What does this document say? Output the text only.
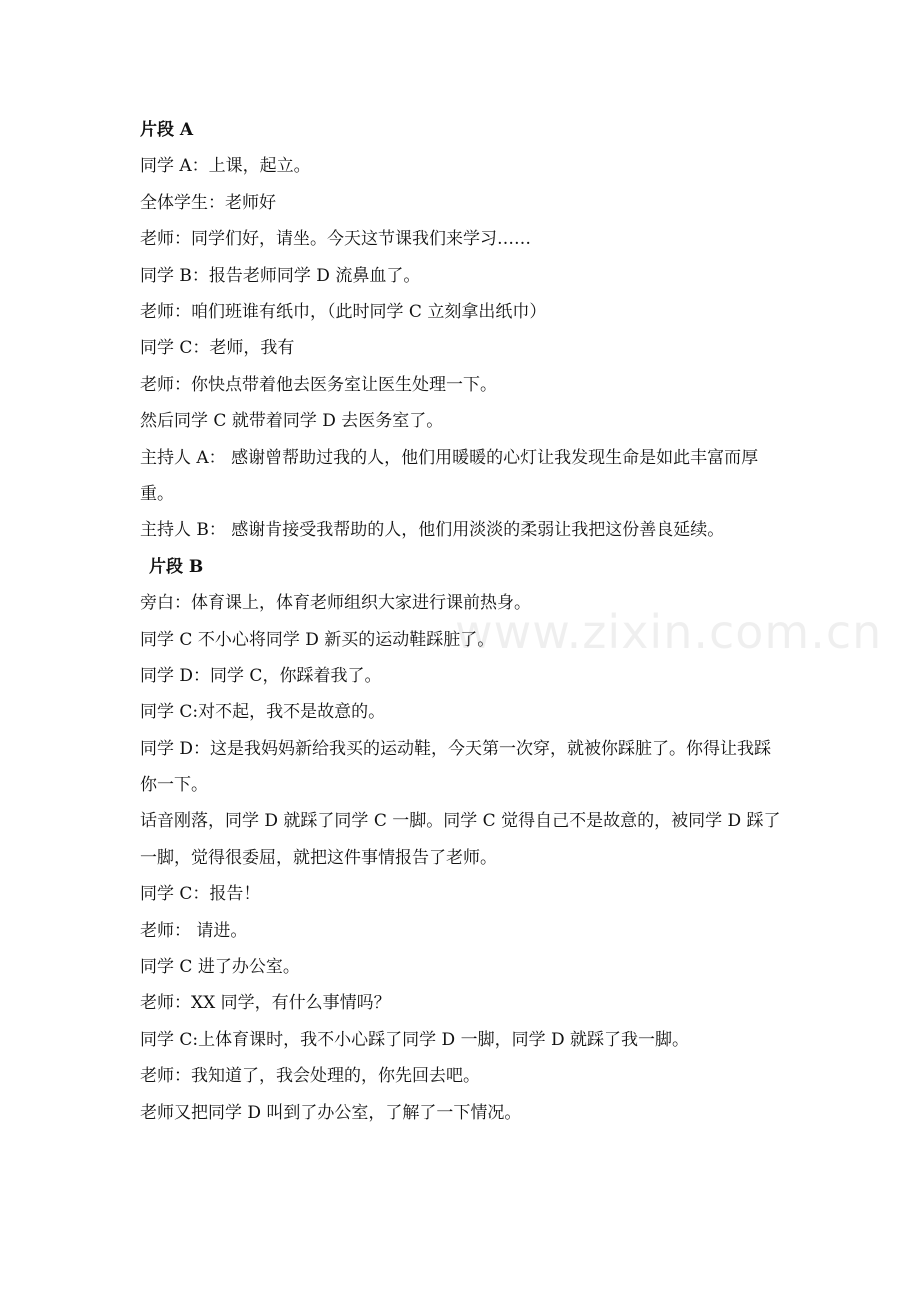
www.zixin.com.cn

片段 A

同学 A：上课，起立。

全体学生：老师好

老师：同学们好，请坐。今天这节课我们来学习……

同学 B：报告老师同学 D 流鼻血了。

老师：咱们班谁有纸巾，（此时同学 C 立刻拿出纸巾）

同学 C：老师，我有

老师：你快点带着他去医务室让医生处理一下。

然后同学 C 就带着同学 D 去医务室了。

主持人 A： 感谢曾帮助过我的人，他们用暖暖的心灯让我发现生命是如此丰富而厚重。

主持人 B： 感谢肯接受我帮助的人，他们用淡淡的柔弱让我把这份善良延续。

片段 B

旁白：体育课上，体育老师组织大家进行课前热身。

同学 C 不小心将同学 D 新买的运动鞋踩脏了。

同学 D：同学 C，你踩着我了。

同学 C:对不起，我不是故意的。

同学 D：这是我妈妈新给我买的运动鞋，今天第一次穿，就被你踩脏了。你得让我踩你一下。

话音刚落，同学 D 就踩了同学 C 一脚。同学 C 觉得自己不是故意的，被同学 D 踩了一脚，觉得很委屈，就把这件事情报告了老师。

同学 C：报告！

老师： 请进。

同学 C 进了办公室。

老师：XX 同学，有什么事情吗？

同学 C:上体育课时，我不小心踩了同学 D 一脚，同学 D 就踩了我一脚。

老师：我知道了，我会处理的，你先回去吧。

老师又把同学 D 叫到了办公室，了解了一下情况。
